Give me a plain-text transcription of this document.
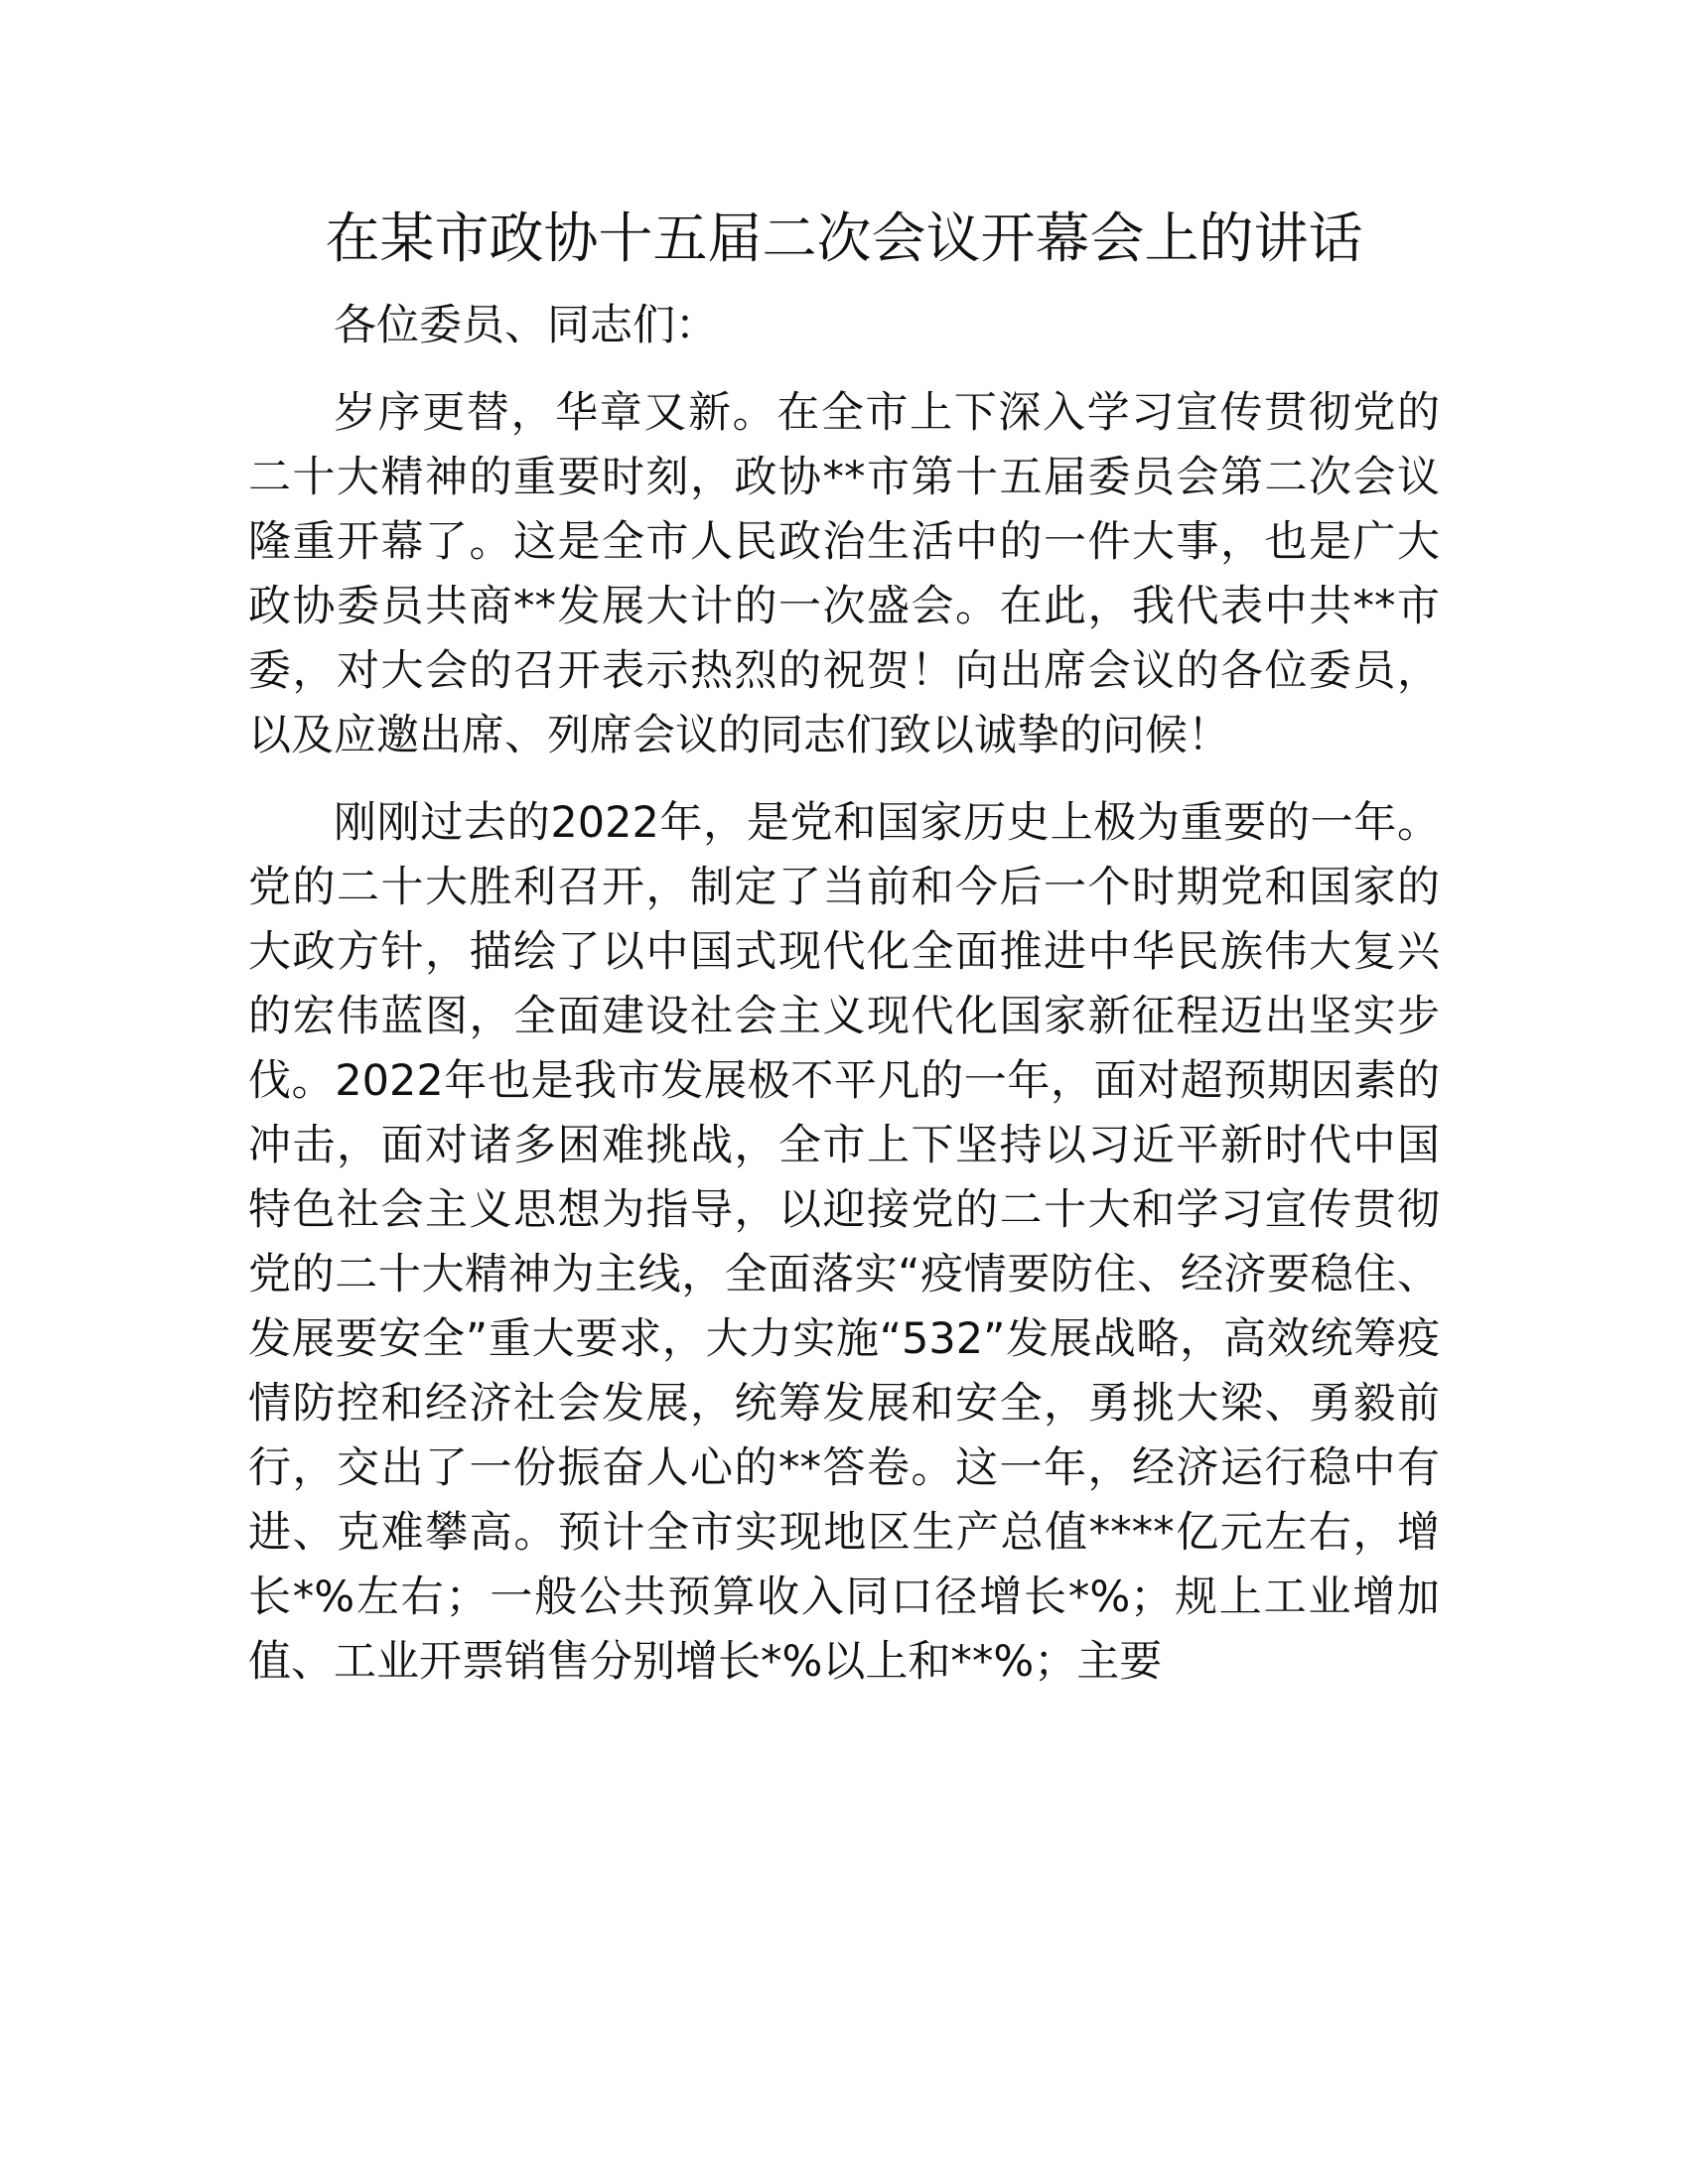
在某市政协十五届二次会议开幕会上的讲话

各位委员、同志们：

岁序更替，华章又新。在全市上下深入学习宣传贯彻党的二十大精神的重要时刻，政协**市第十五届委员会第二次会议隆重开幕了。这是全市人民政治生活中的一件大事，也是广大政协委员共商**发展大计的一次盛会。在此，我代表中共**市委，对大会的召开表示热烈的祝贺！向出席会议的各位委员，以及应邀出席、列席会议的同志们致以诚挚的问候！

刚刚过去的2022年，是党和国家历史上极为重要的一年。党的二十大胜利召开，制定了当前和今后一个时期党和国家的大政方针，描绘了以中国式现代化全面推进中华民族伟大复兴的宏伟蓝图，全面建设社会主义现代化国家新征程迈出坚实步伐。2022年也是我市发展极不平凡的一年，面对超预期因素的冲击，面对诸多困难挑战，全市上下坚持以习近平新时代中国特色社会主义思想为指导，以迎接党的二十大和学习宣传贯彻党的二十大精神为主线，全面落实“疫情要防住、经济要稳住、发展要安全”重大要求，大力实施“532”发展战略，高效统筹疫情防控和经济社会发展，统筹发展和安全，勇挑大梁、勇毅前行，交出了一份振奋人心的**答卷。这一年，经济运行稳中有进、克难攀高。预计全市实现地区生产总值****亿元左右，增长*%左右；一般公共预算收入同口径增长*%；规上工业增加值、工业开票销售分别增长*%以上和**%；主要
